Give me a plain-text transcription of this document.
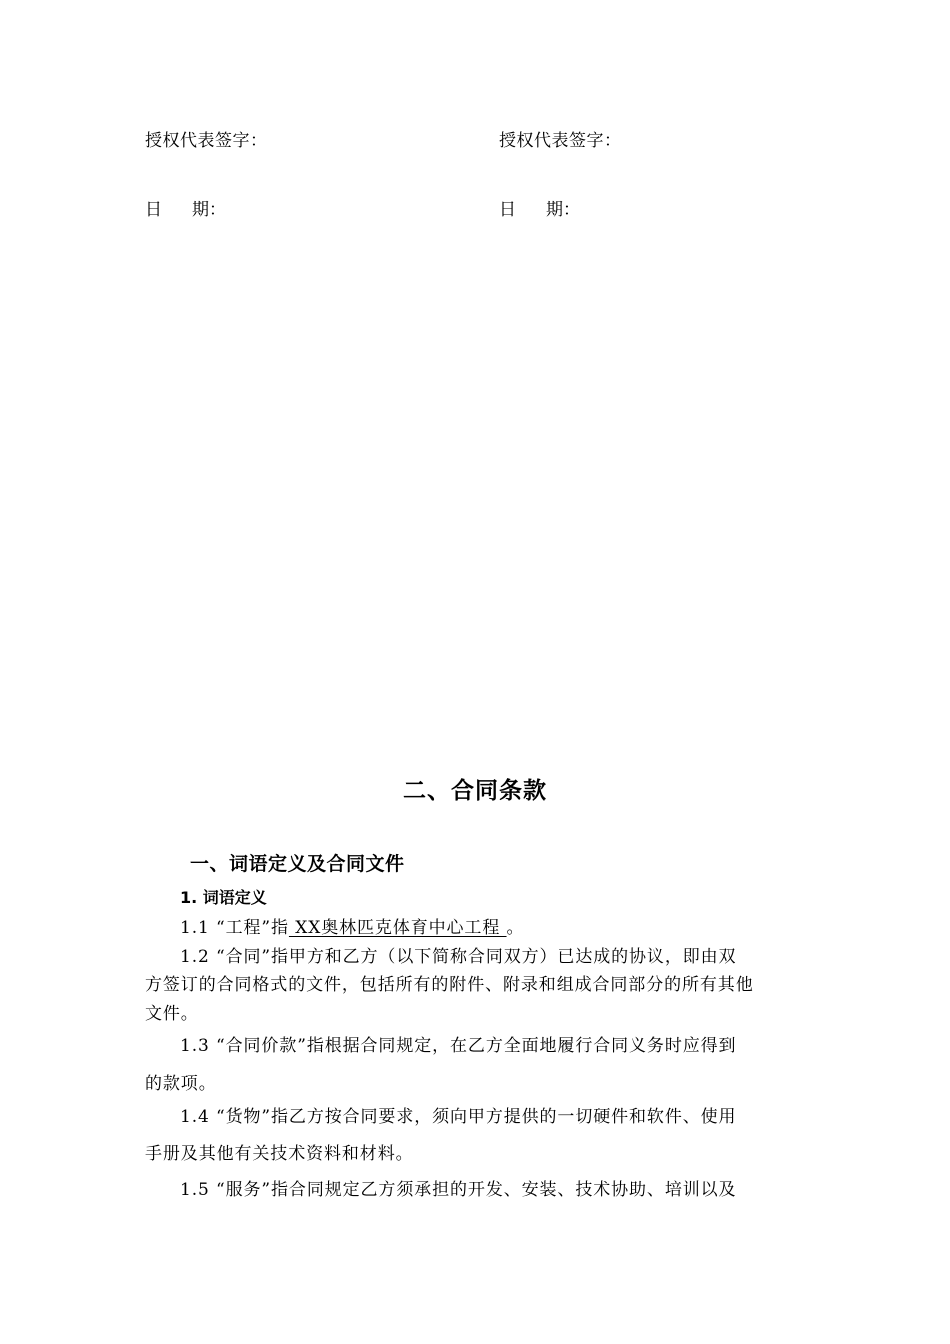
授权代表签字：	授权代表签字：
日 期：	日 期：
二、合同条款
一、词语定义及合同文件
1. 词语定义
1.1 “工程”指 XX奥林匹克体育中心工程 。
1.2 “合同”指甲方和乙方（以下简称合同双方）已达成的协议，即由双
方签订的合同格式的文件，包括所有的附件、附录和组成合同部分的所有其他
文件。
1.3 “合同价款”指根据合同规定，在乙方全面地履行合同义务时应得到
的款项。
1.4 “货物”指乙方按合同要求，须向甲方提供的一切硬件和软件、使用
手册及其他有关技术资料和材料。
1.5 “服务”指合同规定乙方须承担的开发、安装、技术协助、培训以及
